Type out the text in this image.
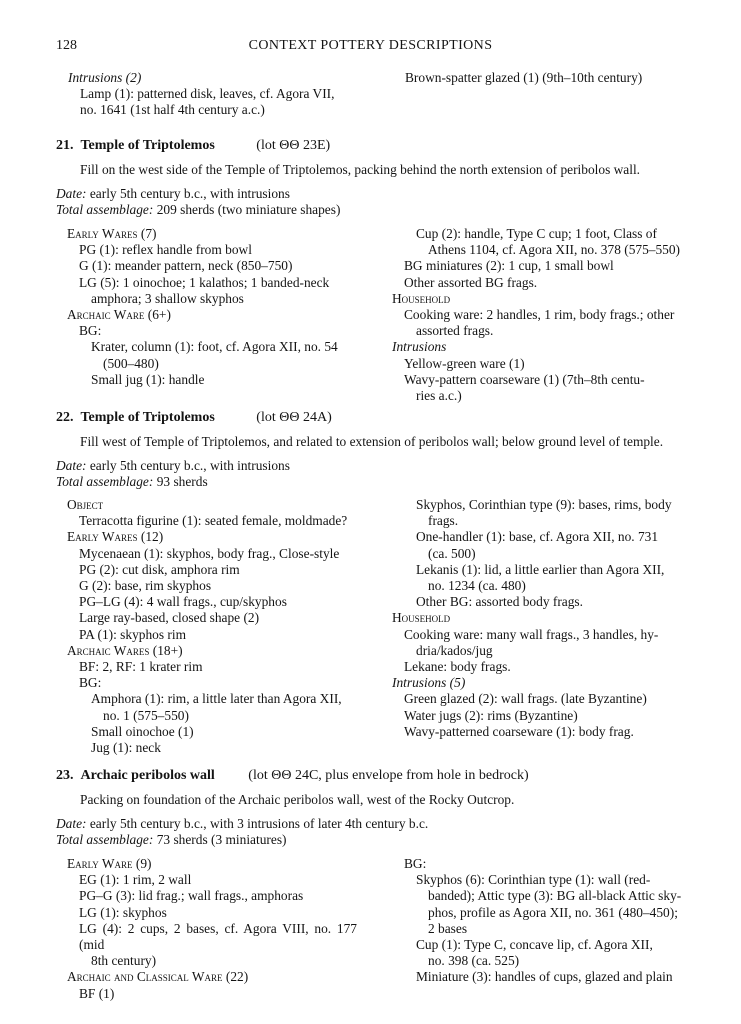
128	CONTEXT POTTERY DESCRIPTIONS

Intrusions (2)

Lamp (1): patterned disk, leaves, cf. Agora VII,

no. 1641 (1st half 4th century a.c.)

Brown-spatter glazed (1) (9th–10th century)

21. Temple of Triptolemos	(lot ΘΘ 23E)

Fill on the west side of the Temple of Triptolemos, packing behind the north extension of peribolos wall.

Date: early 5th century b.c., with intrusions

Total assemblage: 209 sherds (two miniature shapes)

Early Wares (7)

PG (1): reflex handle from bowl

G (1): meander pattern, neck (850–750)

LG (5): 1 oinochoe; 1 kalathos; 1 banded-neck

amphora; 3 shallow skyphos

Archaic Ware (6+)

BG:

Krater, column (1): foot, cf. Agora XII, no. 54

(500–480)

Small jug (1): handle

Cup (2): handle, Type C cup; 1 foot, Class of

Athens 1104, cf. Agora XII, no. 378 (575–550)

BG miniatures (2): 1 cup, 1 small bowl

Other assorted BG frags.

Household

Cooking ware: 2 handles, 1 rim, body frags.; other

assorted frags.

Intrusions

Yellow-green ware (1)

Wavy-pattern coarseware (1) (7th–8th centu-

ries a.c.)

22. Temple of Triptolemos	(lot ΘΘ 24A)

Fill west of Temple of Triptolemos, and related to extension of peribolos wall; below ground level of temple.

Date: early 5th century b.c., with intrusions

Total assemblage: 93 sherds

Object

Terracotta figurine (1): seated female, moldmade?

Early Wares (12)

Mycenaean (1): skyphos, body frag., Close-style

PG (2): cut disk, amphora rim

G (2): base, rim skyphos

PG–LG (4): 4 wall frags., cup/skyphos

Large ray-based, closed shape (2)

PA (1): skyphos rim

Archaic Wares (18+)

BF: 2, RF: 1 krater rim

BG:

Amphora (1): rim, a little later than Agora XII,

no. 1 (575–550)

Small oinochoe (1)

Jug (1): neck

Skyphos, Corinthian type (9): bases, rims, body

frags.

One-handler (1): base, cf. Agora XII, no. 731

(ca. 500)

Lekanis (1): lid, a little earlier than Agora XII,

no. 1234 (ca. 480)

Other BG: assorted body frags.

Household

Cooking ware: many wall frags., 3 handles, hy-

dria/kados/jug

Lekane: body frags.

Intrusions (5)

Green glazed (2): wall frags. (late Byzantine)

Water jugs (2): rims (Byzantine)

Wavy-patterned coarseware (1): body frag.

23. Archaic peribolos wall (lot ΘΘ 24C, plus envelope from hole in bedrock)

Packing on foundation of the Archaic peribolos wall, west of the Rocky Outcrop.

Date: early 5th century b.c., with 3 intrusions of later 4th century b.c.

Total assemblage: 73 sherds (3 miniatures)

Early Ware (9)

EG (1): 1 rim, 2 wall

PG–G (3): lid frag.; wall frags., amphoras

LG (1): skyphos

LG (4): 2 cups, 2 bases, cf. Agora VIII, no. 177 (mid

8th century)

Archaic and Classical Ware (22)

BF (1)

BG:

Skyphos (6): Corinthian type (1): wall (red-

banded); Attic type (3): BG all-black Attic sky-

phos, profile as Agora XII, no. 361 (480–450);

2 bases

Cup (1): Type C, concave lip, cf. Agora XII,

no. 398 (ca. 525)

Miniature (3): handles of cups, glazed and plain
